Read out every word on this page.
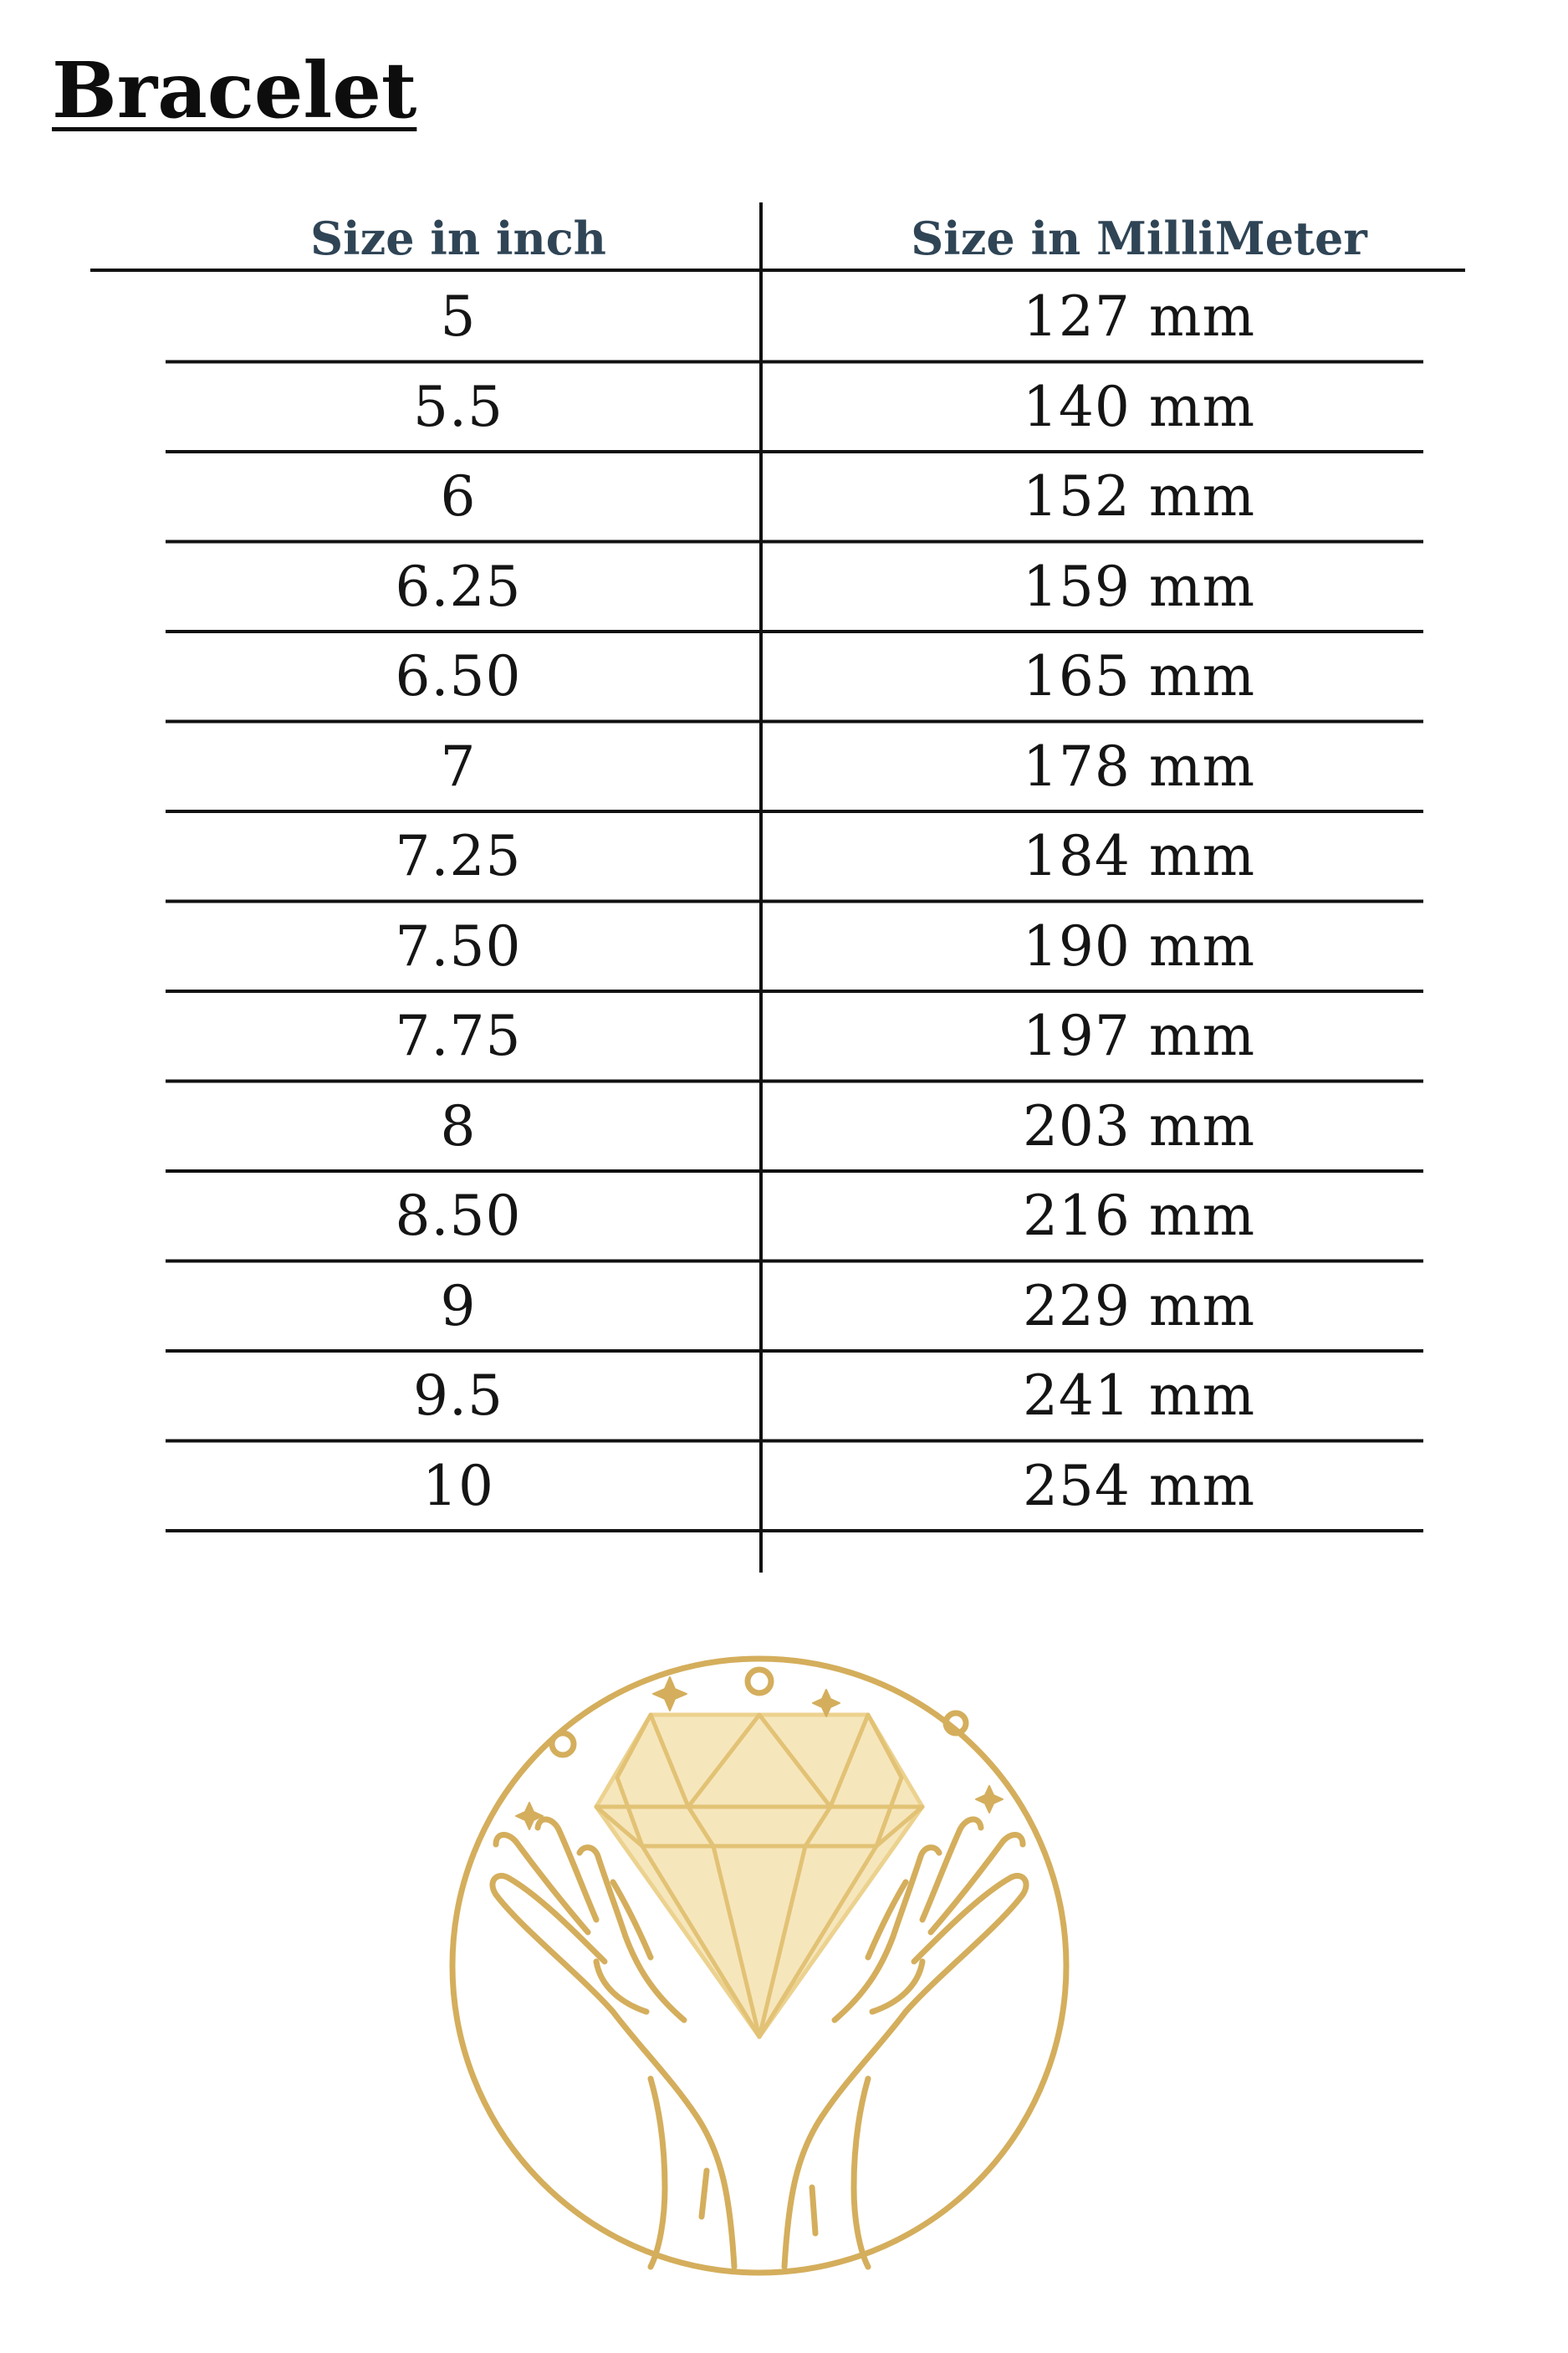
Bracelet
Size in inch	Size in MilliMeter
5	127 mm
5.5	140 mm
6	152 mm
6.25	159 mm
6.50	165 mm
7	178 mm
7.25	184 mm
7.50	190 mm
7.75	197 mm
8	203 mm
8.50	216 mm
9	229 mm
9.5	241 mm
10	254 mm
